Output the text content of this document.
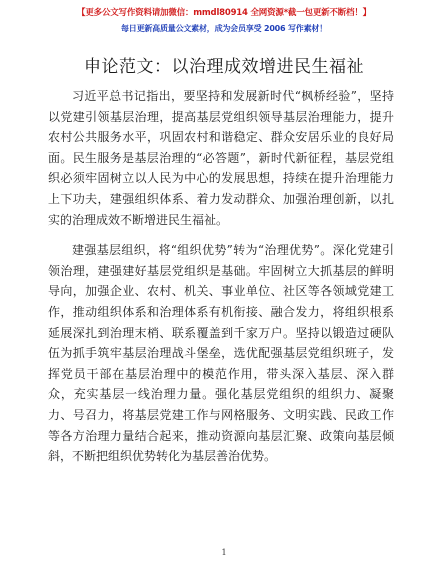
【更多公文写作资料请加微信：mmdl80914 全网资源*截一包更新不断档！】
每日更新高质量公文素材，成为会员享受 2006 写作素材！
申论范文：以治理成效增进民生福祉

习近平总书记指出，要坚持和发展新时代“枫桥经验”，坚持以党建引领基层治理，提高基层党组织领导基层治理能力，提升农村公共服务水平，巩固农村和谐稳定、群众安居乐业的良好局面。民生服务是基层治理的“必答题”，新时代新征程，基层党组织必须牢固树立以人民为中心的发展思想，持续在提升治理能力上下功夫，建强组织体系、着力发动群众、加强治理创新，以扎实的治理成效不断增进民生福祉。

建强基层组织，将“组织优势”转为“治理优势”。深化党建引领治理，建强建好基层党组织是基础。牢固树立大抓基层的鲜明导向，加强企业、农村、机关、事业单位、社区等各领域党建工作，推动组织体系和治理体系有机衔接、融合发力，将组织根系延展深扎到治理末梢、联系覆盖到千家万户。坚持以锻造过硬队伍为抓手筑牢基层治理战斗堡垒，选优配强基层党组织班子，发挥党员干部在基层治理中的模范作用，带头深入基层、深入群众，充实基层一线治理力量。强化基层党组织的组织力、凝聚力、号召力，将基层党建工作与网格服务、文明实践、民政工作等各方治理力量结合起来，推动资源向基层汇聚、政策向基层倾斜，不断把组织优势转化为基层善治优势。

1
